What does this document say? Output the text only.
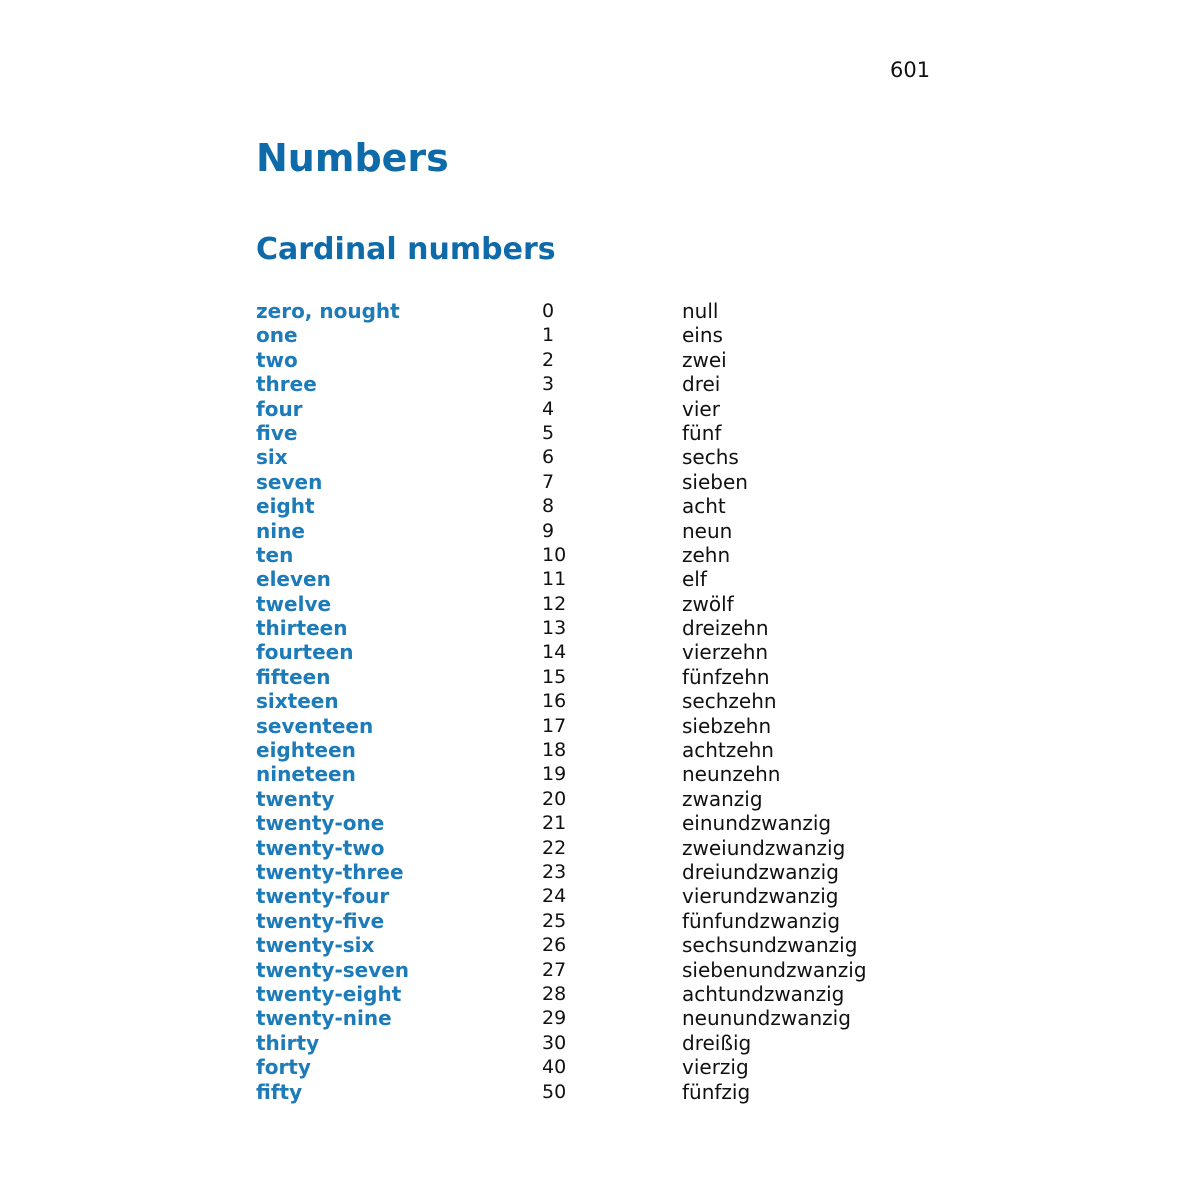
601
Numbers
Cardinal numbers
zero, nought	0	null
one	1	eins
two	2	zwei
three	3	drei
four	4	vier
five	5	fünf
six	6	sechs
seven	7	sieben
eight	8	acht
nine	9	neun
ten	10	zehn
eleven	11	elf
twelve	12	zwölf
thirteen	13	dreizehn
fourteen	14	vierzehn
fifteen	15	fünfzehn
sixteen	16	sechzehn
seventeen	17	siebzehn
eighteen	18	achtzehn
nineteen	19	neunzehn
twenty	20	zwanzig
twenty-one	21	einundzwanzig
twenty-two	22	zweiundzwanzig
twenty-three	23	dreiundzwanzig
twenty-four	24	vierundzwanzig
twenty-five	25	fünfundzwanzig
twenty-six	26	sechsundzwanzig
twenty-seven	27	siebenundzwanzig
twenty-eight	28	achtundzwanzig
twenty-nine	29	neunundzwanzig
thirty	30	dreißig
forty	40	vierzig
fifty	50	fünfzig
